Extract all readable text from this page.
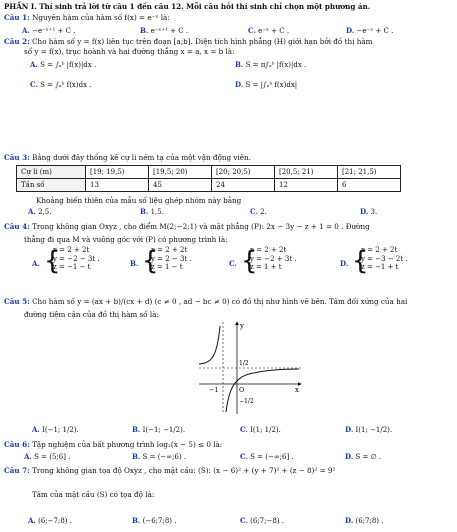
PHẦN I. Thí sinh trả lời từ câu 1 đến câu 12. Mỗi câu hỏi thí sinh chỉ chọn một phương án.
Câu 1: Nguyên hàm của hàm số f(x) = e⁻ˣ là:
A. −e⁻ˣ⁺¹ + C .	B. e⁻ˣ⁺¹ + C .	C. e⁻ˣ + C .	D. −e⁻ˣ + C .
Câu 2: Cho hàm số y = f(x) liên tục trên đoạn [a;b]. Diện tích hình phẳng (H) giới hạn bởi đồ thị hàm
số y = f(x), trục hoành và hai đường thẳng x = a, x = b là:
A. S = ∫ₐᵇ |f(x)|dx .	B. S = π∫ₐᵇ |f(x)|dx .
C. S = ∫ₐᵇ f(x)dx .	D. S = |∫ₐᵇ f(x)dx|
Câu 3: Bảng dưới đây thống kê cự li ném tạ của một vận động viên.
Cự li (m)	[19; 19,5)	[19,5; 20)	[20; 20,5)	[20,5; 21)	[21; 21,5)
Tần số	13	45	24	12	6
Khoảng biến thiên của mẫu số liệu ghép nhóm này bằng
A. 2,5.	B. 1,5.	C. 2.	D. 3.
Câu 4: Trong không gian Oxyz , cho điểm M(2;−2;1) và mặt phẳng (P): 2x − 3y − z + 1 = 0 . Đường
thẳng đi qua M và vuông góc với (P) có phương trình là:
A. {
x = 2 + 2t
y = −2 − 3t .
z = −1 − t	B. {
x = 2 + 2t
y = 2 − 3t .
z = 1 − t	C. {
x = 2 + 2t
y = −2 + 3t .
z = 1 + t	D. {
x = 2 + 2t
y = −3 − 2t .
z = −1 + t
Câu 5: Cho hàm số y = (ax + b)/(cx + d) (c ≠ 0 , ad − bc ≠ 0) có đồ thị như hình vẽ bên. Tâm đối xứng của hai
đường tiệm cận của đồ thị hàm số là:
y
x
O
1/2
−1/2
−1
A. I(−1; 1/2).	B. I(−1; −1/2).	C. I(1; 1/2).	D. I(1; −1/2).
Câu 6: Tập nghiệm của bất phương trình log₂(x − 5) ≤ 0 là:
A. S = (5;6] .	B. S = (−∞;6) .	C. S = (−∞;6] .	D. S = ∅ .
Câu 7: Trong không gian tọa độ Oxyz , cho mặt cầu: (S): (x − 6)² + (y + 7)² + (z − 8)² = 9²
Tâm của mặt cầu (S) có tọa độ là:
A. (6;−7;8) .	B. (−6;7;8) .	C. (6;7;−8) .	D. (6;7;8) .
